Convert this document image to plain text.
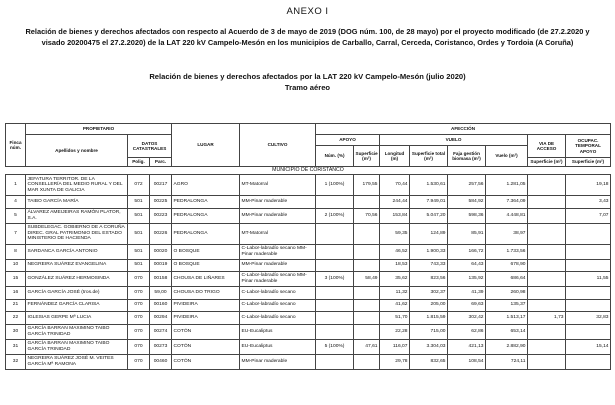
ANEXO I
Relación de bienes y derechos afectados con respecto al Acuerdo de 3 de mayo de 2019 (DOG núm. 100, de 28 mayo) por el proyecto modificado (de 27.2.2020 y visado 20200475 el 27.2.2020) de la LAT 220 kV Campelo-Mesón en los municipios de Carballo, Carral, Cerceda, Coristanco, Ordes y Tordoia (A Coruña)
Relación de bienes y derechos afectados por la LAT 220 kV Campelo-Mesón (julio 2020)
Tramo aéreo
Finca núm.	PROPIETARIO			LUGAR	CULTIVO	AFECCIÓN							
	Apellidos y nombre	DATOS CATASTRALES				APOYO		VUELO				VIA DE ACCESO	OCUPAC. TEMPORAL APOYO
						Núm. (%)	Superficie (m²)	Longitud (m)	Superficie total (m²)	Faja gestión biomasa (m²)	Vuelo (m²)		
		Polig.	Parc.									Superficie (m²)	Superficie (m²)
MUNICIPIO DE CORISTANCO													
1	JEFATURA TERRITOR. DE LA CONSELLERÍA DEL MEDIO RURAL Y DEL MAR XUNTA DE GALICIA	072	00217	AGRO	MT-Matorral	1 (100%)	179,55	70,44	1.530,61	257,56	1.281,05		19,18
4	TAIBO GARCÍA MARÍA	501	00225	PEDRALONGA	MM-Pinar maderable			244,44	7.949,01	584,92	7.364,09		3,43
5	ÁLVAREZ AMEIJEIRAS RAMÓN PLATOR, S.A.	501	00223	PEDRALONGA	MM-Pinar maderable	2 (100%)	70,56	153,84	5.047,20	598,36	4.448,81		7,07
7	SUBDELEGAC. GOBIERNO DE A CORUÑA DIREC. GRAL PATRIMONIO DEL ESTADO MINISTERIO DE HACIENDA	501	00226	PEDRALONGA	MT-Matorral			59,35	124,89	85,91	38,97		
8	SARDANCA GARCÍA ANTONIO	501	00020	O BOSQUE	C-Labor-labradío secano MM-Pinar maderable			46,52	1.900,33	166,72	1.733,56		
10	NEGREIRA SUÁREZ EVANGELINA	501	00019	O BOSQUE	MM-Pinar maderable			18,53	743,33	64,43	678,90		
15	GONZÁLEZ SUÁREZ HERMOSINDA	070	00158	CHOUSA DE LIÑARES	C-Labor-labradío secano MM-Pinar maderable	3 (100%)	58,49	35,62	823,56	135,92	686,64		11,55
16	GARCÍA GARCÍA JOSÉ (tros.de)	070	59,00	CHOUSA DO TRIGO	C-Labor-labradío secano			11,32	302,37	41,39	260,98		
21	FERNÁNDEZ GARCÍA CLARISA	070	00160	PIVIDEIRA	C-Labor-labradío secano			41,62	205,00	69,63	135,37		
22	IGLESIAS GERPE Mª LUCIA	070	00294	PIVIDEIRA	C-Labor-labradío secano			51,70	1.815,59	302,42	1.513,17	1,73	32,83
30	GARCÍA BARRAN MAXIMINO TAIBO GARCÍA TRINIDAD	070	00274	COTÓN	EU-Eucaliptus			22,28	715,00	62,86	653,14		
31	GARCÍA BARRAN MAXIMINO TAIBO GARCÍA TRINIDAD	070	00273	COTÓN	EU-Eucaliptus	5 (100%)	47,61	116,07	3.304,03	421,13	2.882,90		15,14
32	NEGREIRA SUÁREZ JOSÉ M. VEITES GARCÍA Mª RAMONA	070	00460	COTÓN	MM-Pinar maderable			29,78	832,65	108,54	724,11		
